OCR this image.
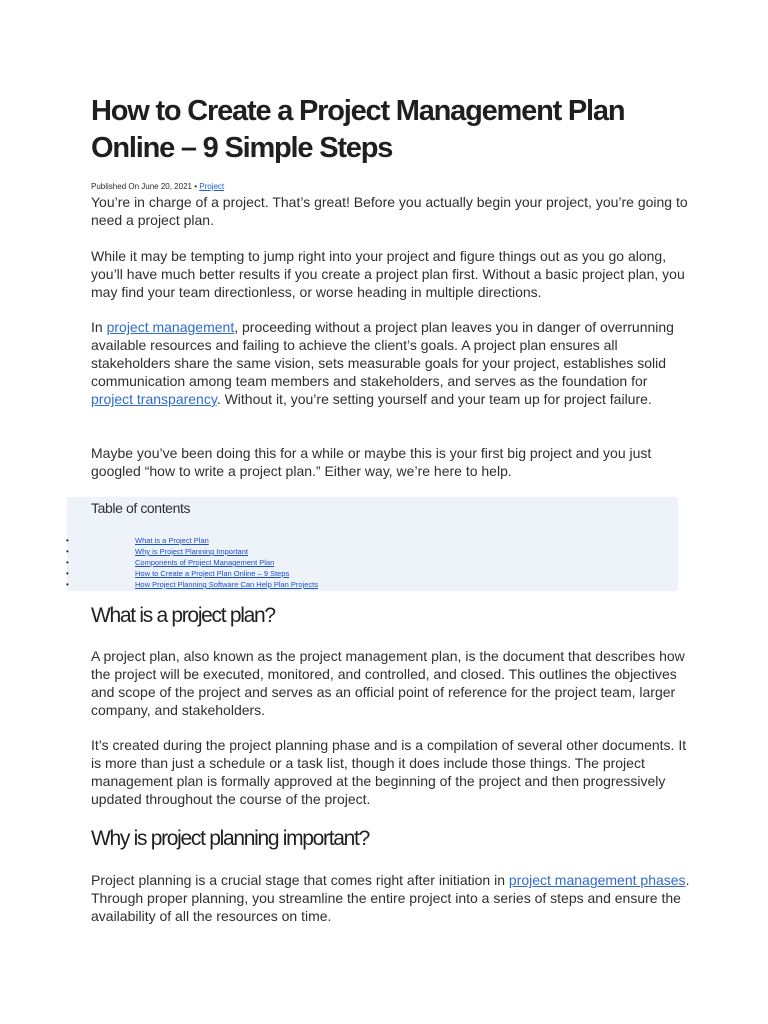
How to Create a Project Management Plan Online – 9 Simple Steps
Published On June 20, 2021 • Project

You’re in charge of a project. That’s great! Before you actually begin your project, you’re going to need a project plan.

While it may be tempting to jump right into your project and figure things out as you go along, you’ll have much better results if you create a project plan first. Without a basic project plan, you may find your team directionless, or worse heading in multiple directions.

In project management, proceeding without a project plan leaves you in danger of overrunning available resources and failing to achieve the client’s goals. A project plan ensures all stakeholders share the same vision, sets measurable goals for your project, establishes solid communication among team members and stakeholders, and serves as the foundation for project transparency. Without it, you’re setting yourself and your team up for project failure.

Maybe you’ve been doing this for a while or maybe this is your first big project and you just googled “how to write a project plan.” Either way, we’re here to help.

Table of contents
•	What is a Project Plan
•	Why is Project Planning Important
•	Components of Project Management Plan
•	How to Create a Project Plan Online – 9 Steps
•	How Project Planning Software Can Help Plan Projects
What is a project plan?

A project plan, also known as the project management plan, is the document that describes how the project will be executed, monitored, and controlled, and closed. This outlines the objectives and scope of the project and serves as an official point of reference for the project team, larger company, and stakeholders.

It’s created during the project planning phase and is a compilation of several other documents. It is more than just a schedule or a task list, though it does include those things. The project management plan is formally approved at the beginning of the project and then progressively updated throughout the course of the project.

Why is project planning important?

Project planning is a crucial stage that comes right after initiation in project management phases. Through proper planning, you streamline the entire project into a series of steps and ensure the availability of all the resources on time.
